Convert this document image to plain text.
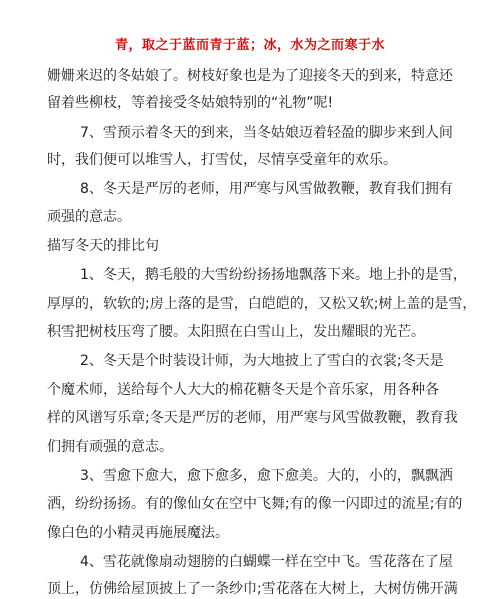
青，取之于蓝而青于蓝；冰，水为之而寒于水
姗姗来迟的冬姑娘了。树枝好象也是为了迎接冬天的到来，特意还
留着些柳枝，等着接受冬姑娘特别的“礼物”呢!
7、雪预示着冬天的到来，当冬姑娘迈着轻盈的脚步来到人间
时，我们便可以堆雪人，打雪仗，尽情享受童年的欢乐。
8、冬天是严厉的老师，用严寒与风雪做教鞭，教育我们拥有
顽强的意志。
描写冬天的排比句
1、冬天，鹅毛般的大雪纷纷扬扬地飘落下来。地上扑的是雪，
厚厚的，软软的;房上落的是雪，白皑皑的，又松又软;树上盖的是雪，
积雪把树枝压弯了腰。太阳照在白雪山上，发出耀眼的光芒。
2、冬天是个时装设计师，为大地披上了雪白的衣裳;冬天是
个魔术师，送给每个人大大的棉花糖冬天是个音乐家，用各种各
样的风谱写乐章;冬天是严厉的老师，用严寒与风雪做教鞭，教育我
们拥有顽强的意志。
3、雪愈下愈大，愈下愈多，愈下愈美。大的，小的，飘飘洒
洒，纷纷扬扬。有的像仙女在空中飞舞;有的像一闪即过的流星;有的
像白色的小精灵再施展魔法。
4、雪花就像扇动翅膀的白蝴蝶一样在空中飞。雪花落在了屋
顶上，仿佛给屋顶披上了一条纱巾;雪花落在大树上，大树仿佛开满
